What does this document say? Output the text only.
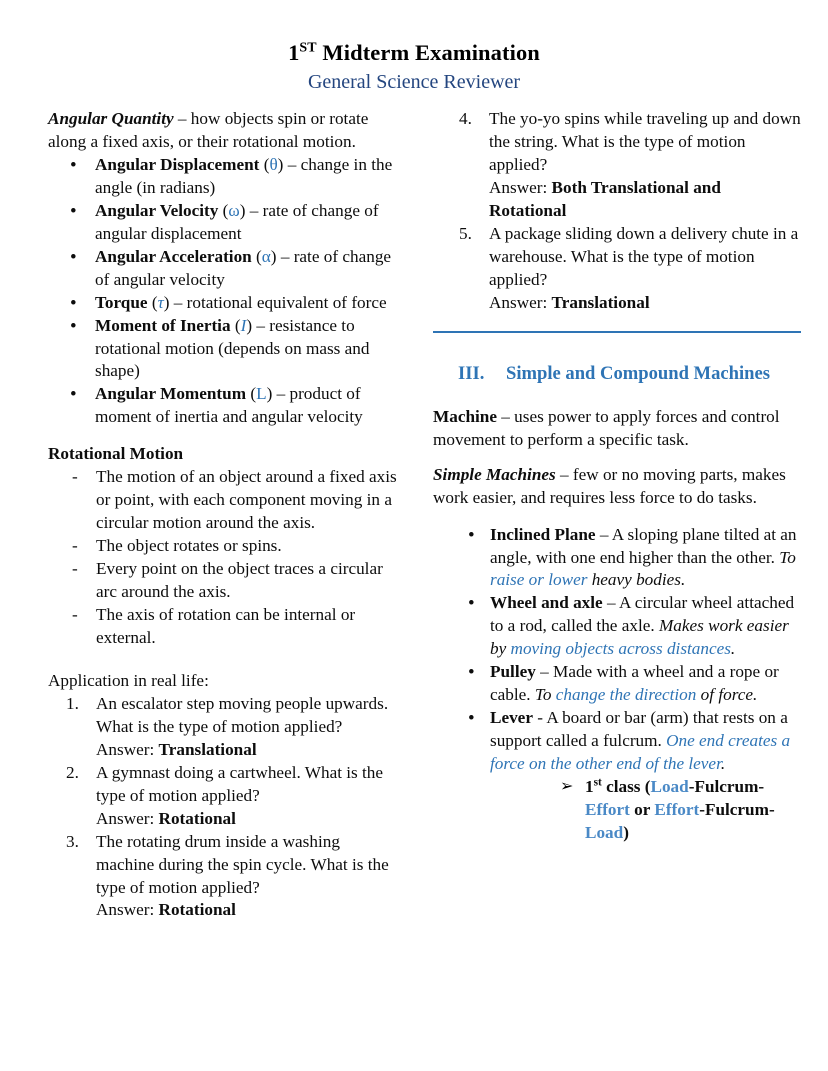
1ST Midterm Examination
General Science Reviewer

Angular Quantity – how objects spin or rotate along a fixed axis, or their rotational motion.

• Angular Displacement (θ) – change in the angle (in radians)
• Angular Velocity (ω) – rate of change of angular displacement
• Angular Acceleration (α) – rate of change of angular velocity
• Torque (τ) – rotational equivalent of force
• Moment of Inertia (I) – resistance to rotational motion (depends on mass and shape)
• Angular Momentum (L) – product of moment of inertia and angular velocity

Rotational Motion

- The motion of an object around a fixed axis or point, with each component moving in a circular motion around the axis.
- The object rotates or spins.
- Every point on the object traces a circular arc around the axis.
- The axis of rotation can be internal or external.

Application in real life:

An escalator step moving people upwards. What is the type of motion applied?
Answer: Translational
A gymnast doing a cartwheel. What is the type of motion applied?
Answer: Rotational
The rotating drum inside a washing machine during the spin cycle. What is the type of motion applied?
Answer: Rotational
The yo-yo spins while traveling up and down the string. What is the type of motion applied?
Answer: Both Translational and Rotational
A package sliding down a delivery chute in a warehouse. What is the type of motion applied?
Answer: Translational
III. Simple and Compound Machines

Machine – uses power to apply forces and control movement to perform a specific task.

Simple Machines – few or no moving parts, makes work easier, and requires less force to do tasks.

• Inclined Plane – A sloping plane tilted at an angle, with one end higher than the other. To raise or lower heavy bodies.
• Wheel and axle – A circular wheel attached to a rod, called the axle. Makes work easier by moving objects across distances.
• Pulley – Made with a wheel and a rope or cable. To change the direction of force.
• Lever - A board or bar (arm) that rests on a support called a fulcrum. One end creates a force on the other end of the lever.
➢ 1st class (Load-Fulcrum-Effort or Effort-Fulcrum-Load)
